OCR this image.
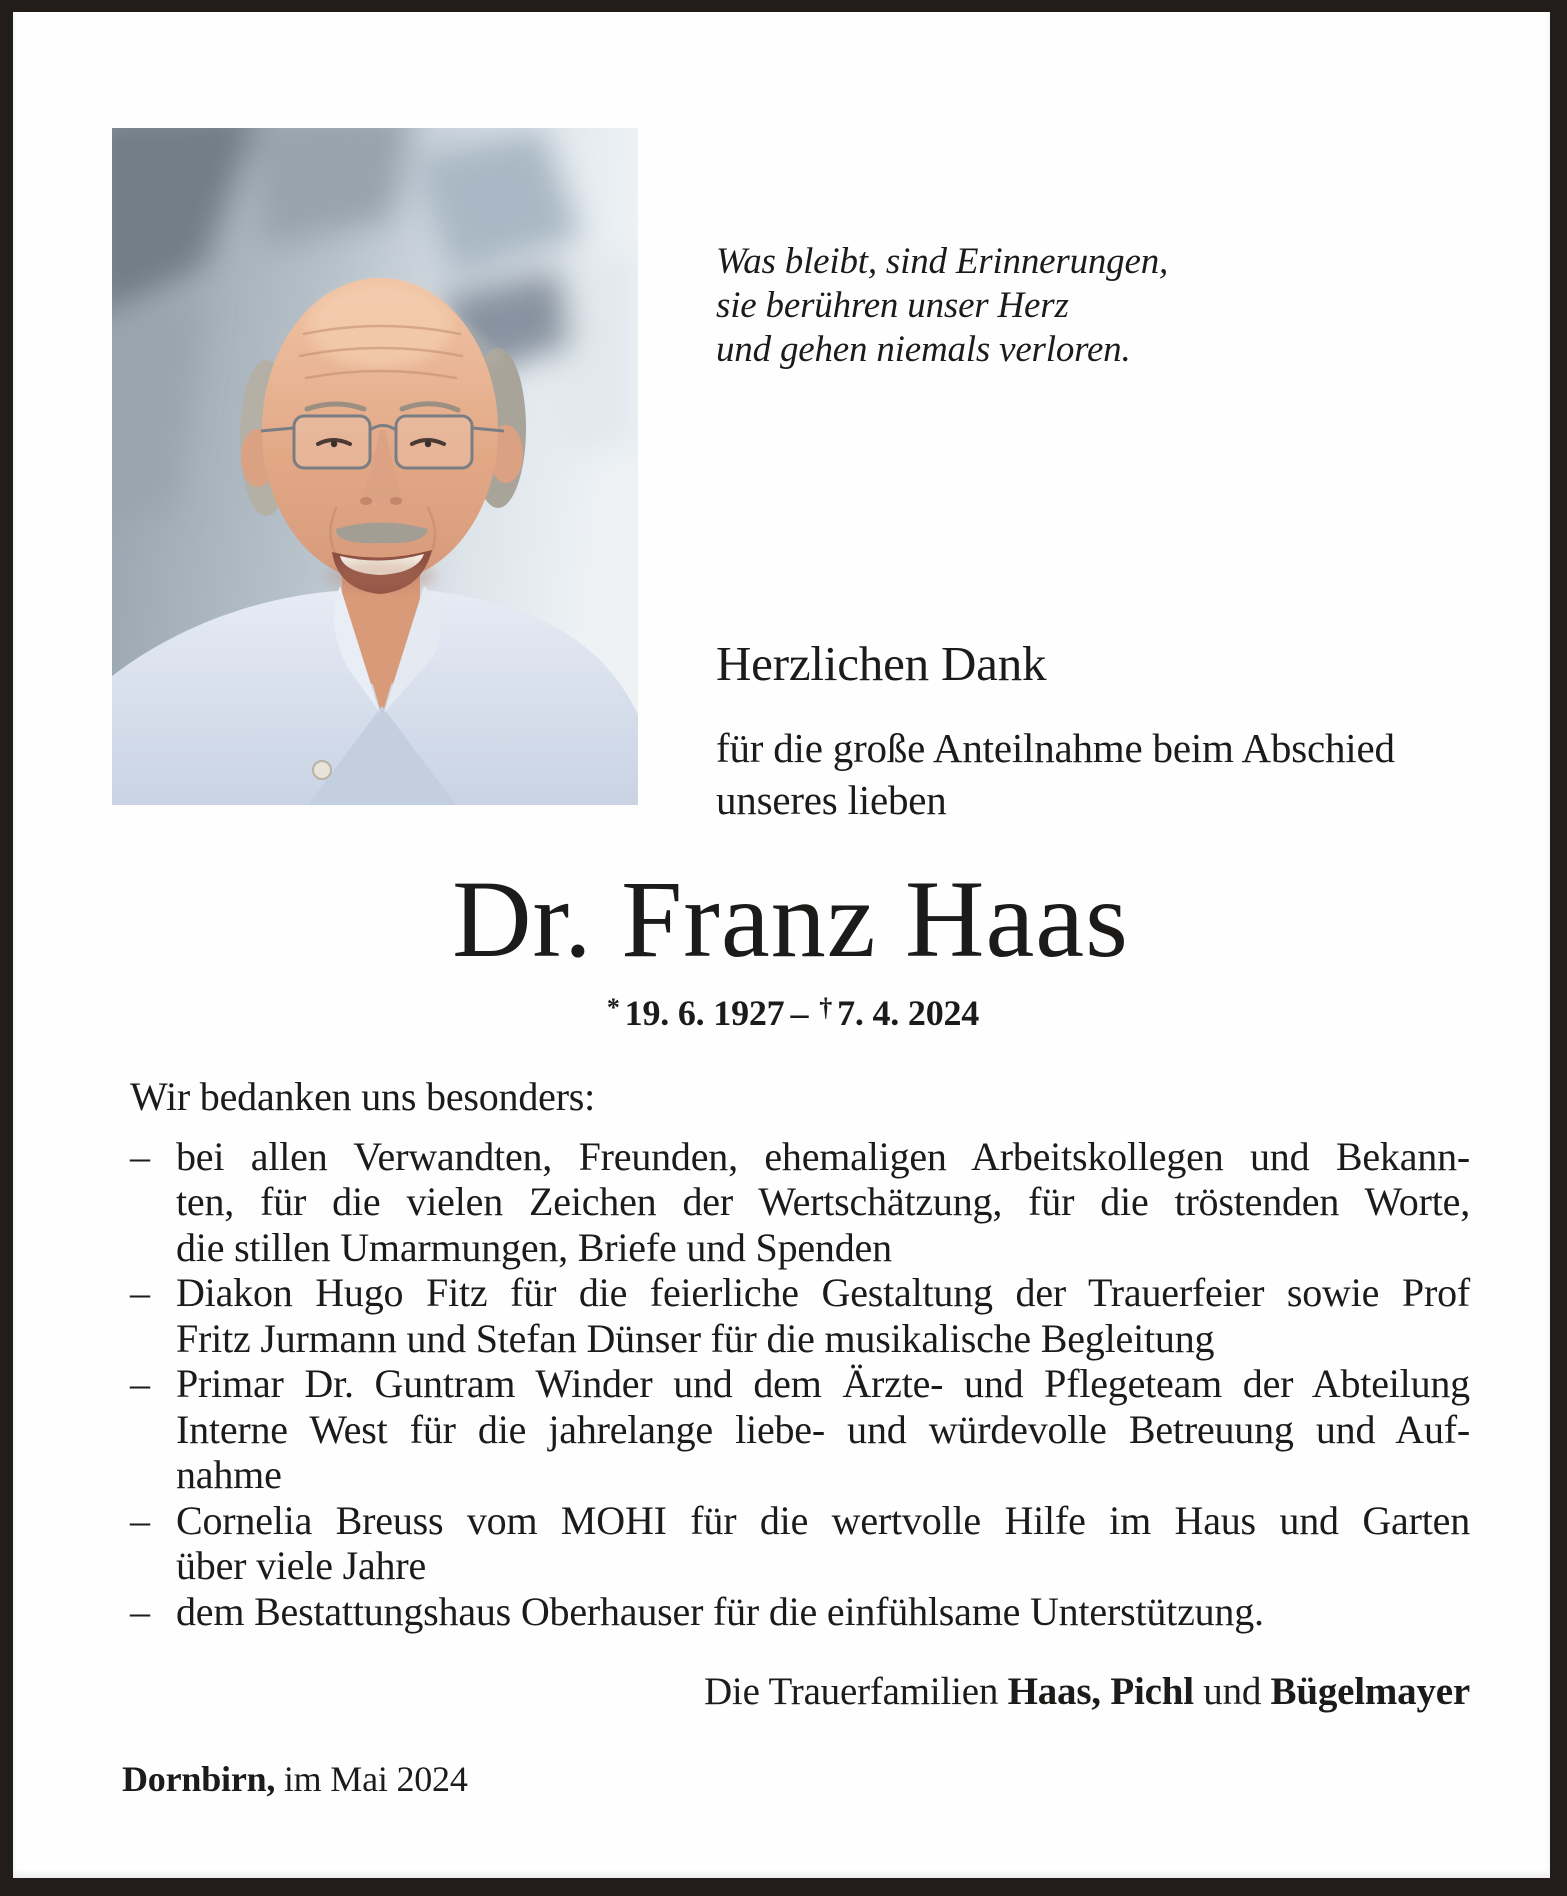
Was bleibt, sind Erinnerungen,
sie berühren unser Herz
und gehen niemals verloren.
Herzlichen Dank
für die große Anteilnahme beim Abschied
unseres lieben
Dr. Franz Haas
* 19. 6. 1927 – † 7. 4. 2024

Wir bedanken uns besonders:

– bei allen Verwandten, Freunden, ehemaligen Arbeitskollegen und Bekann-
ten, für die vielen Zeichen der Wertschätzung, für die tröstenden Worte,
die stillen Umarmungen, Briefe und Spenden
– Diakon Hugo Fitz für die feierliche Gestaltung der Trauerfeier sowie Prof
Fritz Jurmann und Stefan Dünser für die musikalische Begleitung
– Primar Dr. Guntram Winder und dem Ärzte- und Pflegeteam der Abteilung
Interne West für die jahrelange liebe- und würdevolle Betreuung und Auf-
nahme
– Cornelia Breuss vom MOHI für die wertvolle Hilfe im Haus und Garten
über viele Jahre
– dem Bestattungshaus Oberhauser für die einfühlsame Unterstützung.
Die Trauerfamilien Haas, Pichl und Bügelmayer
Dornbirn, im Mai 2024
